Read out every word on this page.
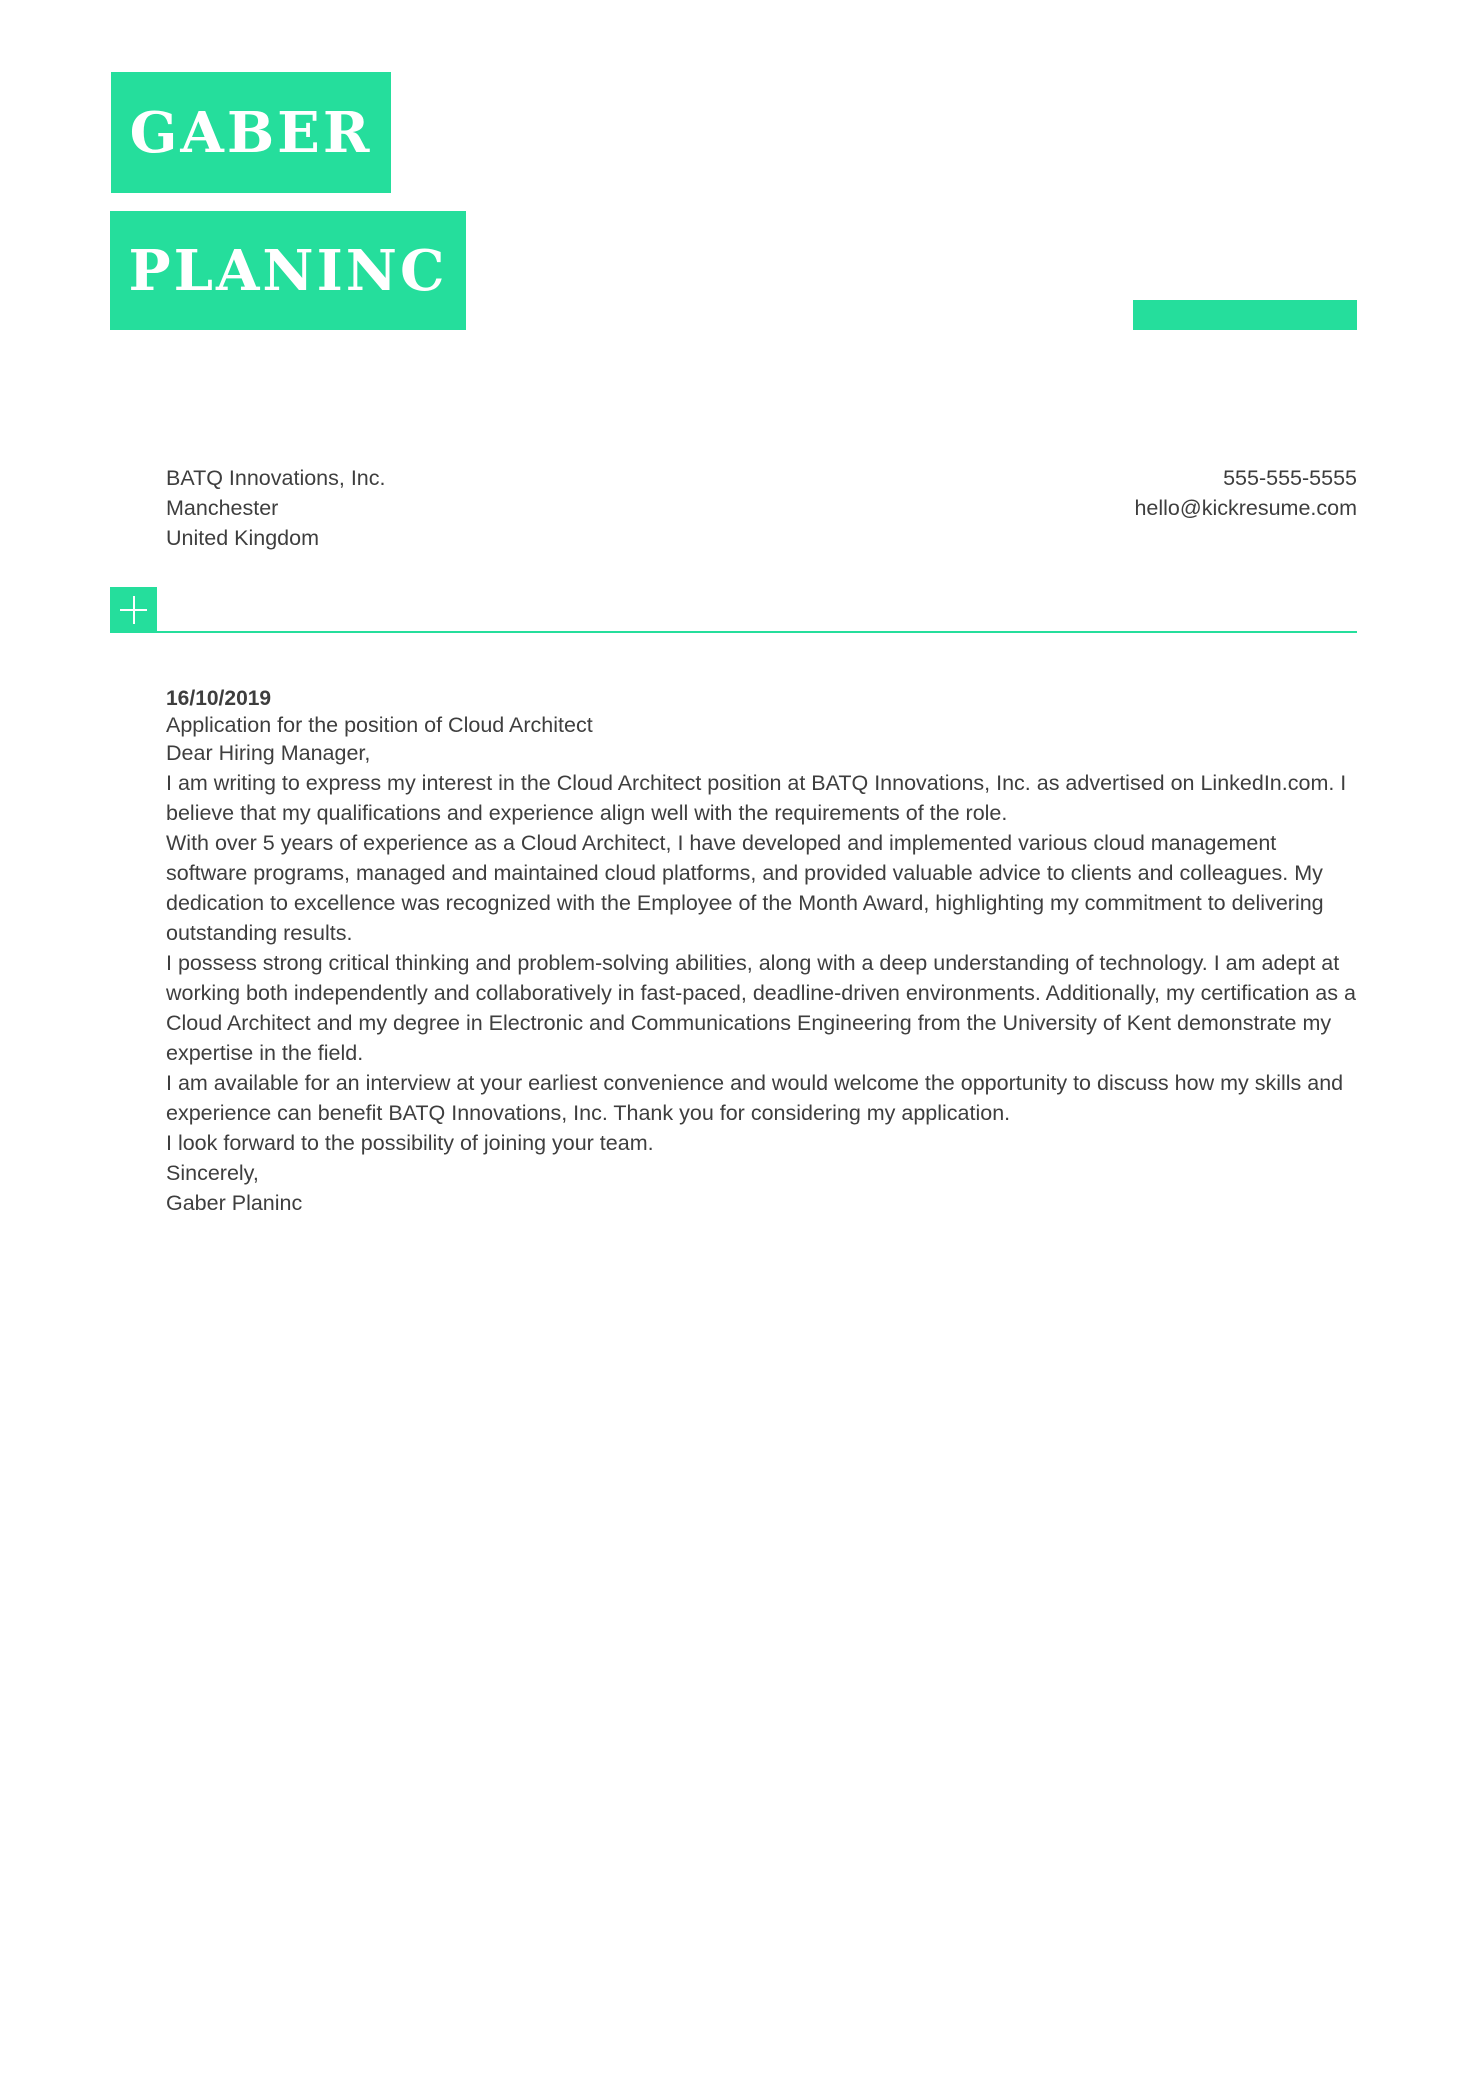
GABER
PLANINC
BATQ Innovations, Inc.
Manchester
United Kingdom
555-555-5555
hello@kickresume.com

16/10/2019

Application for the position of Cloud Architect

Dear Hiring Manager,

I am writing to express my interest in the Cloud Architect position at BATQ Innovations, Inc. as advertised on LinkedIn.com. I believe that my qualifications and experience align well with the requirements of the role.

With over 5 years of experience as a Cloud Architect, I have developed and implemented various cloud management software programs, managed and maintained cloud platforms, and provided valuable advice to clients and colleagues. My dedication to excellence was recognized with the Employee of the Month Award, highlighting my commitment to delivering outstanding results.

I possess strong critical thinking and problem-solving abilities, along with a deep understanding of technology. I am adept at working both independently and collaboratively in fast-paced, deadline-driven environments. Additionally, my certification as a Cloud Architect and my degree in Electronic and Communications Engineering from the University of Kent demonstrate my expertise in the field.

I am available for an interview at your earliest convenience and would welcome the opportunity to discuss how my skills and experience can benefit BATQ Innovations, Inc. Thank you for considering my application.

I look forward to the possibility of joining your team.

Sincerely,

Gaber Planinc
